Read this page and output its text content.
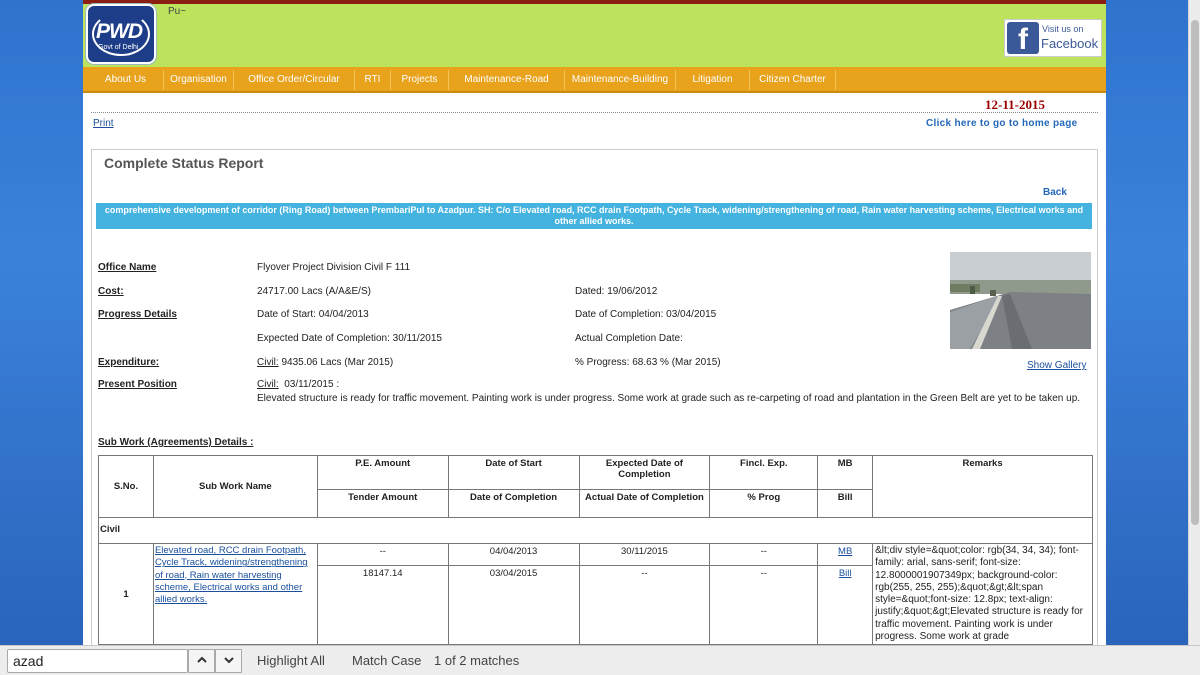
PWD
Govt of Delhi
Pu~
f	Visit us on
Facebook
About Us	Organisation	Office Order/Circular	RTI	Projects	Maintenance-Road	Maintenance-Building	Litigation	Citizen Charter
12-11-2015
Print	Click here to go to home page
Complete Status Report
Back
comprehensive development of corridor (Ring Road) between PrembariPul to Azadpur. SH: C/o Elevated road, RCC drain Footpath, Cycle Track, widening/strengthening of road, Rain water harvesting scheme, Electrical works and other allied works.
Office Name	Flyover Project Division Civil F 111
Cost:	24717.00 Lacs (A/A&E/S)	Dated: 19/06/2012
Progress Details	Date of Start: 04/04/2013	Date of Completion: 03/04/2015
Expected Date of Completion: 30/11/2015	Actual Completion Date:
Expenditure:	Civil: 9435.06 Lacs (Mar 2015)	% Progress: 68.63 % (Mar 2015)	Show Gallery
Present Position	Civil: 03/11/2015 :
Elevated structure is ready for traffic movement. Painting work is under progress. Some work at grade such as re-carpeting of road and plantation in the Green Belt are yet to be taken up.
Sub Work (Agreements) Details :
S.No.	Sub Work Name	P.E. Amount	Date of Start	Expected Date of Completion	Fincl. Exp.	MB	Remarks
		Tender Amount	Date of Completion	Actual Date of Completion	% Prog	Bill	
Civil							
1	Elevated road, RCC drain Footpath, Cycle Track, widening/strengthening of road, Rain water harvesting scheme, Electrical works and other allied works.	--	04/04/2013	30/11/2015	--	MB	&lt;div style=&quot;color: rgb(34, 34, 34); font-family: arial, sans-serif; font-size: 12.8000001907349px; background-color: rgb(255, 255, 255);&quot;&gt;&lt;span style=&quot;font-size: 12.8px; text-align: justify;&quot;&gt;Elevated structure is ready for traffic movement. Painting work is under progress. Some work at grade
		18147.14	03/04/2015	--	--	Bill	
azad	Highlight All Match Case 1 of 2 matches
